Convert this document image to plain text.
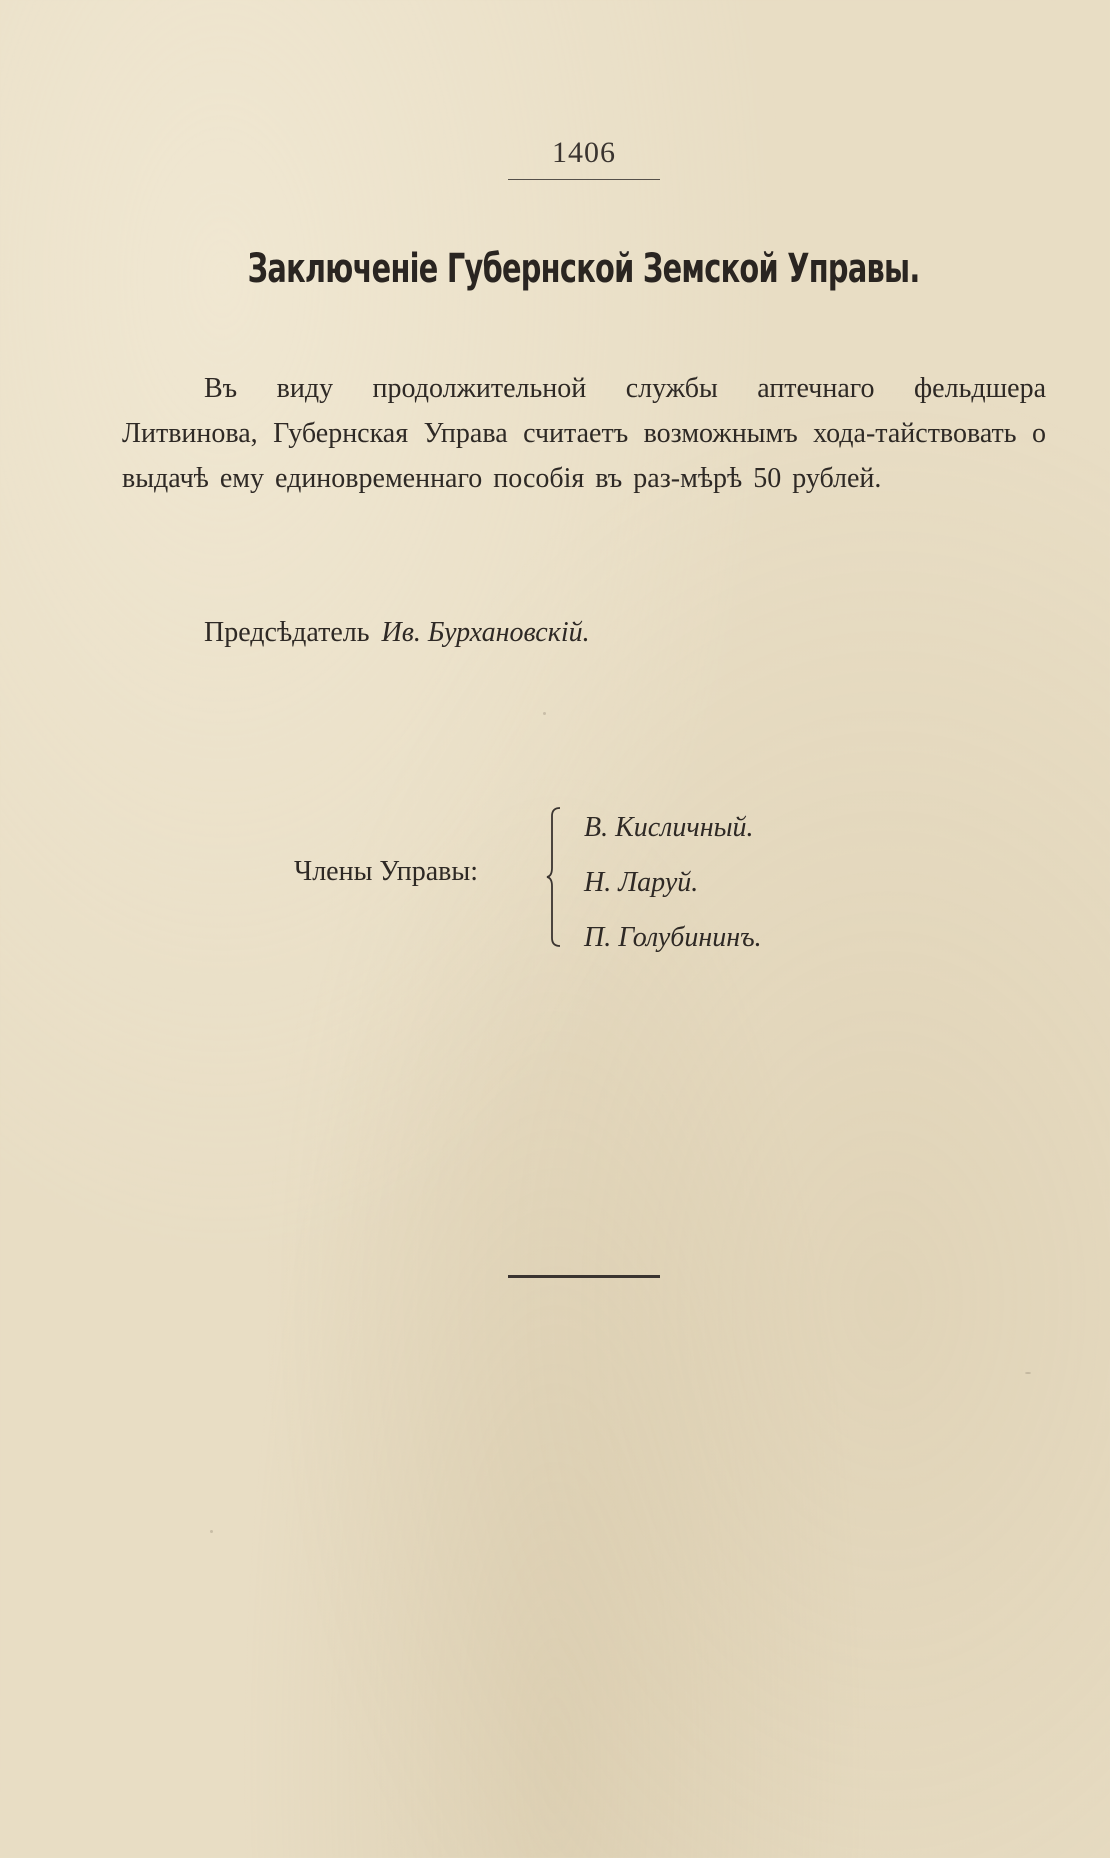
1406
Заключеніе Губернской Земской Управы.
Въ виду продолжительной службы аптечнаго фельдшера Литвинова, Губернская Управа считаетъ возможнымъ хода-тайствовать о выдачѣ ему единовременнаго пособія въ раз-мѣрѣ 50 рублей.
Предсѣдатель Ив. Бурхановскій.
Члены Управы:
В. Кисличный.
Н. Ларуй.
П. Голубининъ.
